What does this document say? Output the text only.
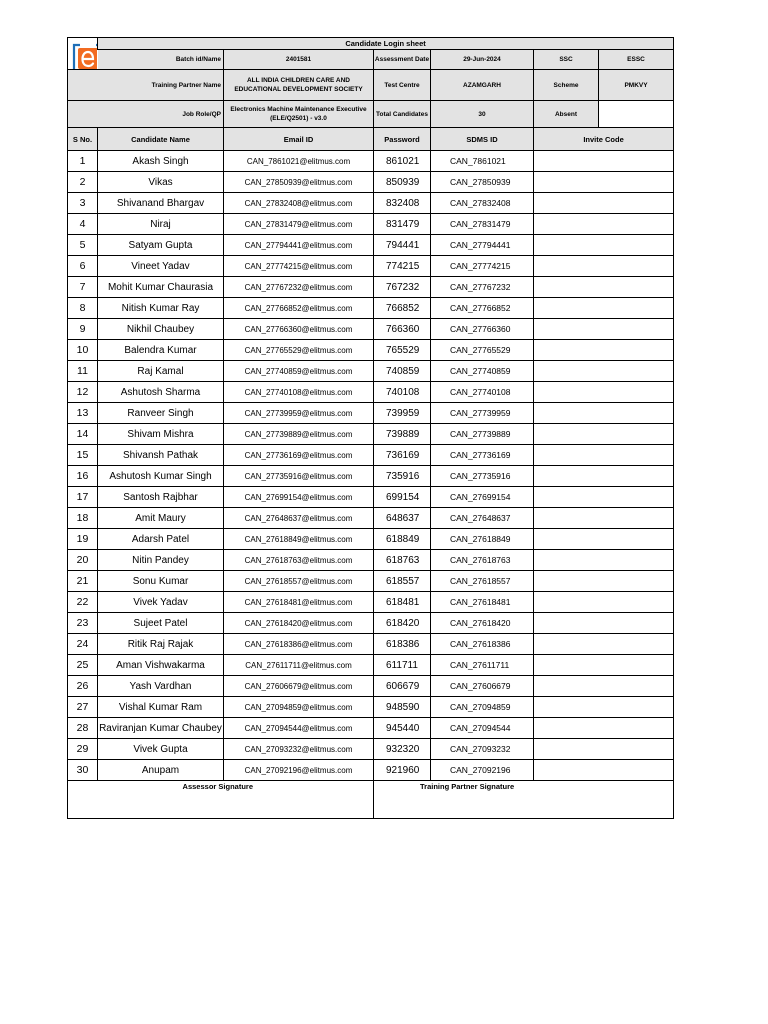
	Candidate Login sheet					
	Batch id/Name	2401581	Assessment Date	29-Jun-2024	SSC	ESSC
Training Partner Name		ALL INDIA CHILDREN CARE AND EDUCATIONAL DEVELOPMENT SOCIETY	Test Centre	AZAMGARH	Scheme	PMKVY
Job Role/QP		Electronics Machine Maintenance Executive (ELE/Q2501) - v3.0	Total Candidates	30	Absent	
S No.	Candidate Name	Email ID	Password	SDMS ID	Invite Code	
1	Akash Singh	CAN_7861021@elitmus.com	861021	CAN_7861021		
2	Vikas	CAN_27850939@elitmus.com	850939	CAN_27850939		
3	Shivanand Bhargav	CAN_27832408@elitmus.com	832408	CAN_27832408		
4	Niraj	CAN_27831479@elitmus.com	831479	CAN_27831479		
5	Satyam Gupta	CAN_27794441@elitmus.com	794441	CAN_27794441		
6	Vineet Yadav	CAN_27774215@elitmus.com	774215	CAN_27774215		
7	Mohit Kumar Chaurasia	CAN_27767232@elitmus.com	767232	CAN_27767232		
8	Nitish Kumar Ray	CAN_27766852@elitmus.com	766852	CAN_27766852		
9	Nikhil Chaubey	CAN_27766360@elitmus.com	766360	CAN_27766360		
10	Balendra Kumar	CAN_27765529@elitmus.com	765529	CAN_27765529		
11	Raj Kamal	CAN_27740859@elitmus.com	740859	CAN_27740859		
12	Ashutosh Sharma	CAN_27740108@elitmus.com	740108	CAN_27740108		
13	Ranveer Singh	CAN_27739959@elitmus.com	739959	CAN_27739959		
14	Shivam Mishra	CAN_27739889@elitmus.com	739889	CAN_27739889		
15	Shivansh Pathak	CAN_27736169@elitmus.com	736169	CAN_27736169		
16	Ashutosh Kumar Singh	CAN_27735916@elitmus.com	735916	CAN_27735916		
17	Santosh Rajbhar	CAN_27699154@elitmus.com	699154	CAN_27699154		
18	Amit Maury	CAN_27648637@elitmus.com	648637	CAN_27648637		
19	Adarsh Patel	CAN_27618849@elitmus.com	618849	CAN_27618849		
20	Nitin Pandey	CAN_27618763@elitmus.com	618763	CAN_27618763		
21	Sonu Kumar	CAN_27618557@elitmus.com	618557	CAN_27618557		
22	Vivek Yadav	CAN_27618481@elitmus.com	618481	CAN_27618481		
23	Sujeet Patel	CAN_27618420@elitmus.com	618420	CAN_27618420		
24	Ritik Raj Rajak	CAN_27618386@elitmus.com	618386	CAN_27618386		
25	Aman Vishwakarma	CAN_27611711@elitmus.com	611711	CAN_27611711		
26	Yash Vardhan	CAN_27606679@elitmus.com	606679	CAN_27606679		
27	Vishal Kumar Ram	CAN_27094859@elitmus.com	948590	CAN_27094859		
28	Raviranjan Kumar Chaubey	CAN_27094544@elitmus.com	945440	CAN_27094544		
29	Vivek Gupta	CAN_27093232@elitmus.com	932320	CAN_27093232		
30	Anupam	CAN_27092196@elitmus.com	921960	CAN_27092196		
Assessor Signature			Training Partner Signature			
